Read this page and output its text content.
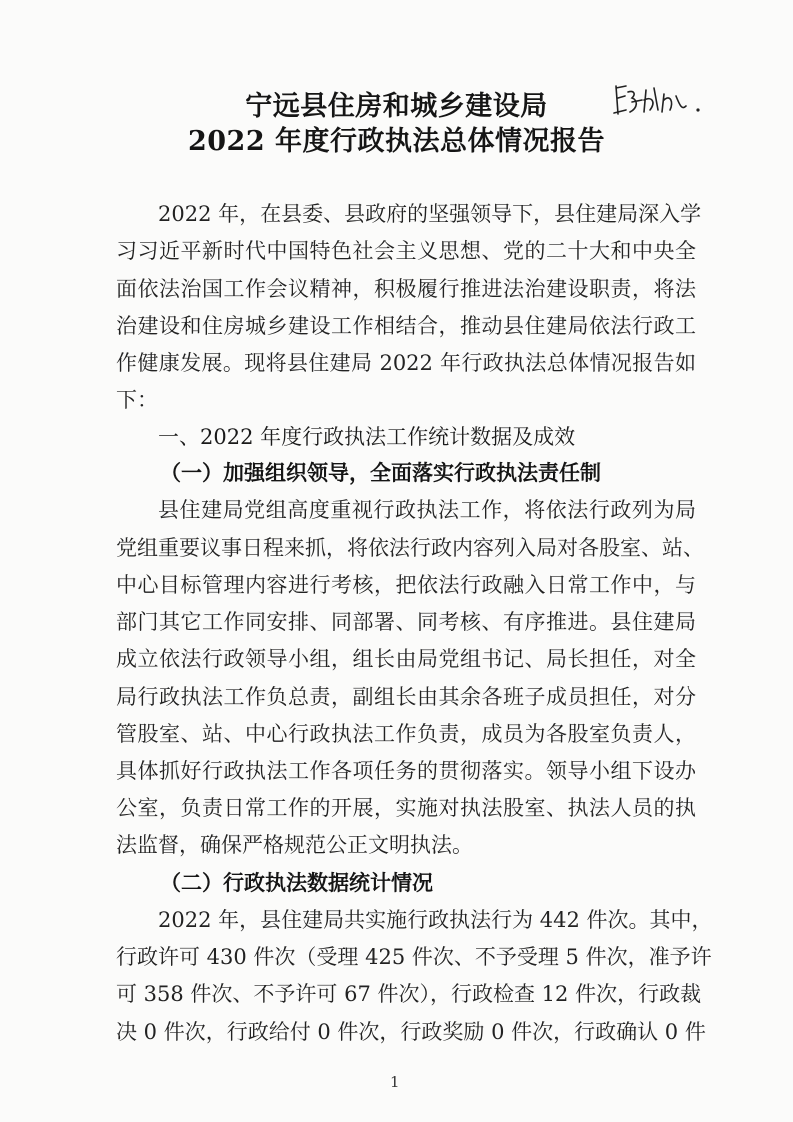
宁远县住房和城乡建设局
2022 年度行政执法总体情况报告
2022 年，在县委、县政府的坚强领导下，县住建局深入学
习习近平新时代中国特色社会主义思想、党的二十大和中央全
面依法治国工作会议精神，积极履行推进法治建设职责，将法
治建设和住房城乡建设工作相结合，推动县住建局依法行政工
作健康发展。现将县住建局 2022 年行政执法总体情况报告如
下：
一、2022 年度行政执法工作统计数据及成效
（一）加强组织领导，全面落实行政执法责任制
县住建局党组高度重视行政执法工作，将依法行政列为局
党组重要议事日程来抓，将依法行政内容列入局对各股室、站、
中心目标管理内容进行考核，把依法行政融入日常工作中，与
部门其它工作同安排、同部署、同考核、有序推进。县住建局
成立依法行政领导小组，组长由局党组书记、局长担任，对全
局行政执法工作负总责，副组长由其余各班子成员担任，对分
管股室、站、中心行政执法工作负责，成员为各股室负责人，
具体抓好行政执法工作各项任务的贯彻落实。领导小组下设办
公室，负责日常工作的开展，实施对执法股室、执法人员的执
法监督，确保严格规范公正文明执法。
（二）行政执法数据统计情况
2022 年，县住建局共实施行政执法行为 442 件次。其中，
行政许可 430 件次（受理 425 件次、不予受理 5 件次，准予许
可 358 件次、不予许可 67 件次），行政检查 12 件次，行政裁
决 0 件次，行政给付 0 件次，行政奖励 0 件次，行政确认 0 件
1
